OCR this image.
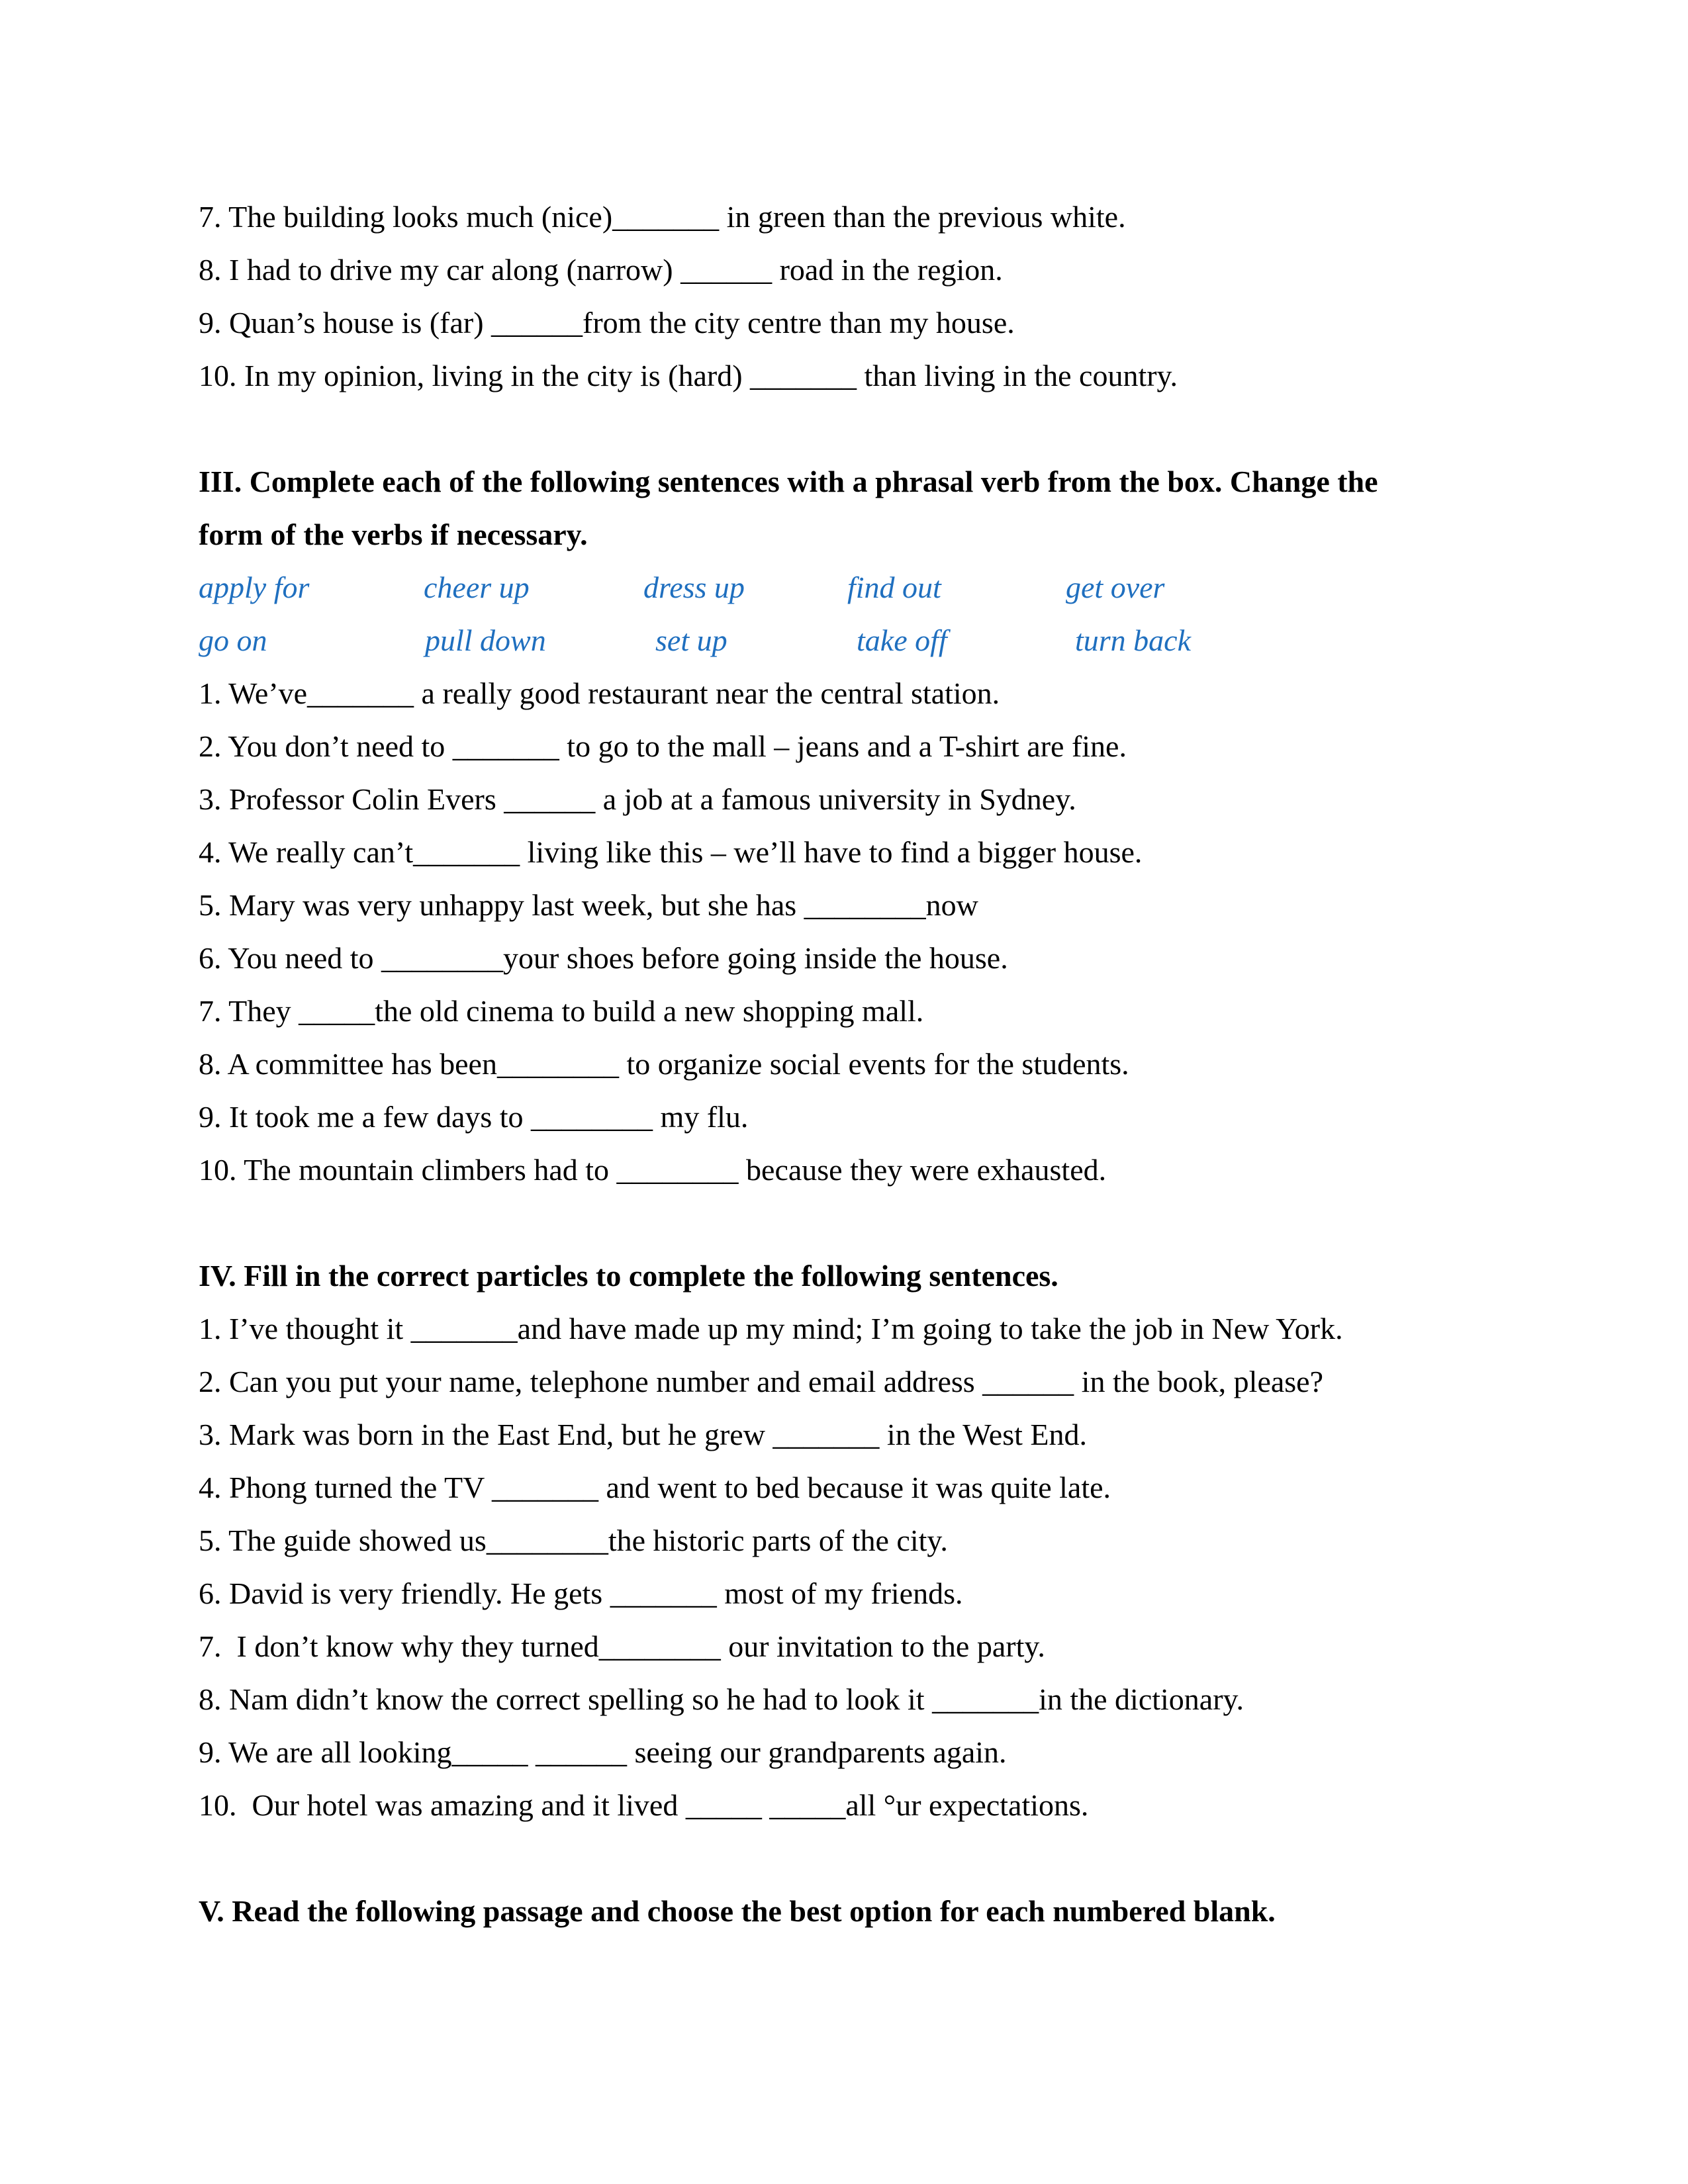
7. The building looks much (nice)_______ in green than the previous white.
8. I had to drive my car along (narrow) ______ road in the region.
9. Quan’s house is (far) ______from the city centre than my house.
10. In my opinion, living in the city is (hard) _______ than living in the country.
III. Complete each of the following sentences with a phrasal verb from the box. Change the
form of the verbs if necessary.
apply for	cheer up	dress up	find out	get over
go on	pull down	set up	take off	turn back
1. We’ve_______ a really good restaurant near the central station.
2. You don’t need to _______ to go to the mall – jeans and a T-shirt are fine.
3. Professor Colin Evers ______ a job at a famous university in Sydney.
4. We really can’t_______ living like this – we’ll have to find a bigger house.
5. Mary was very unhappy last week, but she has ________now
6. You need to ________your shoes before going inside the house.
7. They _____the old cinema to build a new shopping mall.
8. A committee has been________ to organize social events for the students.
9. It took me a few days to ________ my flu.
10. The mountain climbers had to ________ because they were exhausted.
IV. Fill in the correct particles to complete the following sentences.
1. I’ve thought it _______and have made up my mind; I’m going to take the job in New York.
2. Can you put your name, telephone number and email address ______ in the book, please?
3. Mark was born in the East End, but he grew _______ in the West End.
4. Phong turned the TV _______ and went to bed because it was quite late.
5. The guide showed us________the historic parts of the city.
6. David is very friendly. He gets _______ most of my friends.
7.  I don’t know why they turned________ our invitation to the party.
8. Nam didn’t know the correct spelling so he had to look it _______in the dictionary.
9. We are all looking_____ ______ seeing our grandparents again.
10.  Our hotel was amazing and it lived _____ _____all °ur expectations.
V. Read the following passage and choose the best option for each numbered blank.
